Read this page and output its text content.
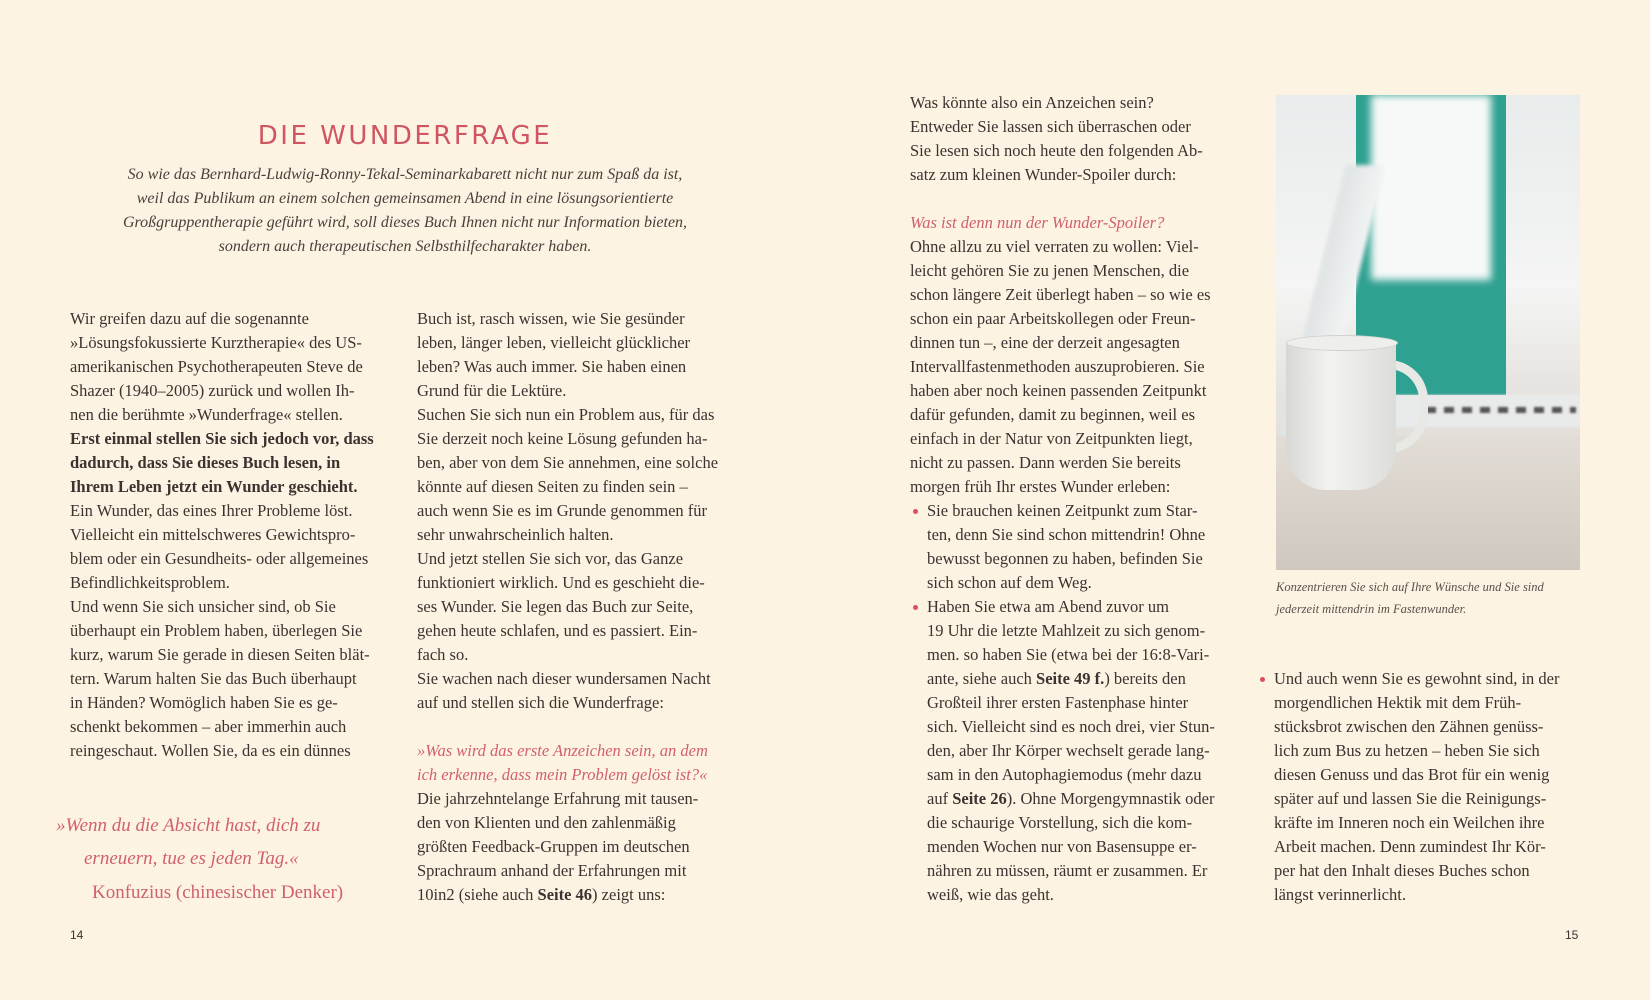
DIE WUNDERFRAGE
So wie das Bernhard-Ludwig-Ronny-Tekal-Seminarkabarett nicht nur zum Spaß da ist,
weil das Publikum an einem solchen gemeinsamen Abend in eine lösungsorientierte
Großgruppentherapie geführt wird, soll dieses Buch Ihnen nicht nur Information bieten,
sondern auch therapeutischen Selbsthilfecharakter haben.
Wir greifen dazu auf die sogenannte
»Lösungsfokussierte Kurztherapie« des US-
amerikanischen Psychotherapeuten Steve de
Shazer (1940–2005) zurück und wollen Ih-
nen die berühmte »Wunderfrage« stellen.
Erst einmal stellen Sie sich jedoch vor, dass
dadurch, dass Sie dieses Buch lesen, in
Ihrem Leben jetzt ein Wunder geschieht.
Ein Wunder, das eines Ihrer Probleme löst.
Vielleicht ein mittelschweres Gewichtspro-
blem oder ein Gesundheits- oder allgemeines
Befindlichkeitsproblem.
Und wenn Sie sich unsicher sind, ob Sie
überhaupt ein Problem haben, überlegen Sie
kurz, warum Sie gerade in diesen Seiten blät-
tern. Warum halten Sie das Buch überhaupt
in Händen? Womöglich haben Sie es ge-
schenkt bekommen – aber immerhin auch
reingeschaut. Wollen Sie, da es ein dünnes
Buch ist, rasch wissen, wie Sie gesünder
leben, länger leben, vielleicht glücklicher
leben? Was auch immer. Sie haben einen
Grund für die Lektüre.
Suchen Sie sich nun ein Problem aus, für das
Sie derzeit noch keine Lösung gefunden ha-
ben, aber von dem Sie annehmen, eine solche
könnte auf diesen Seiten zu finden sein –
auch wenn Sie es im Grunde genommen für
sehr unwahrscheinlich halten.
Und jetzt stellen Sie sich vor, das Ganze
funktioniert wirklich. Und es geschieht die-
ses Wunder. Sie legen das Buch zur Seite,
gehen heute schlafen, und es passiert. Ein-
fach so.
Sie wachen nach dieser wundersamen Nacht
auf und stellen sich die Wunderfrage:
»Was wird das erste Anzeichen sein, an dem
ich erkenne, dass mein Problem gelöst ist?«
Die jahrzehntelange Erfahrung mit tausen-
den von Klienten und den zahlenmäßig
größten Feedback-Gruppen im deutschen
Sprachraum anhand der Erfahrungen mit
10in2 (siehe auch Seite 46) zeigt uns:
Was könnte also ein Anzeichen sein?
Entweder Sie lassen sich überraschen oder
Sie lesen sich noch heute den folgenden Ab-
satz zum kleinen Wunder-Spoiler durch:
Was ist denn nun der Wunder-Spoiler?
Ohne allzu zu viel verraten zu wollen: Viel-
leicht gehören Sie zu jenen Menschen, die
schon längere Zeit überlegt haben – so wie es
schon ein paar Arbeitskollegen oder Freun-
dinnen tun –, eine der derzeit angesagten
Intervallfastenmethoden auszuprobieren. Sie
haben aber noch keinen passenden Zeitpunkt
dafür gefunden, damit zu beginnen, weil es
einfach in der Natur von Zeitpunkten liegt,
nicht zu passen. Dann werden Sie bereits
morgen früh Ihr erstes Wunder erleben:
Sie brauchen keinen Zeitpunkt zum Star-
ten, denn Sie sind schon mittendrin! Ohne
bewusst begonnen zu haben, befinden Sie
sich schon auf dem Weg.
Haben Sie etwa am Abend zuvor um
19 Uhr die letzte Mahlzeit zu sich genom-
men. so haben Sie (etwa bei der 16:8-Vari-
ante, siehe auch Seite 49 f.) bereits den
Großteil ihrer ersten Fastenphase hinter
sich. Vielleicht sind es noch drei, vier Stun-
den, aber Ihr Körper wechselt gerade lang-
sam in den Autophagiemodus (mehr dazu
auf Seite 26). Ohne Morgengymnastik oder
die schaurige Vorstellung, sich die kom-
menden Wochen nur von Basensuppe er-
nähren zu müssen, räumt er zusammen. Er
weiß, wie das geht.
Und auch wenn Sie es gewohnt sind, in der
morgendlichen Hektik mit dem Früh-
stücksbrot zwischen den Zähnen genüss-
lich zum Bus zu hetzen – heben Sie sich
diesen Genuss und das Brot für ein wenig
später auf und lassen Sie die Reinigungs-
kräfte im Inneren noch ein Weilchen ihre
Arbeit machen. Denn zumindest Ihr Kör-
per hat den Inhalt dieses Buches schon
längst verinnerlicht.
»Wenn du die Absicht hast, dich zu
erneuern, tue es jeden Tag.«
Konfuzius (chinesischer Denker)
Konzentrieren Sie sich auf Ihre Wünsche und Sie sind
jederzeit mittendrin im Fastenwunder.
14	15
